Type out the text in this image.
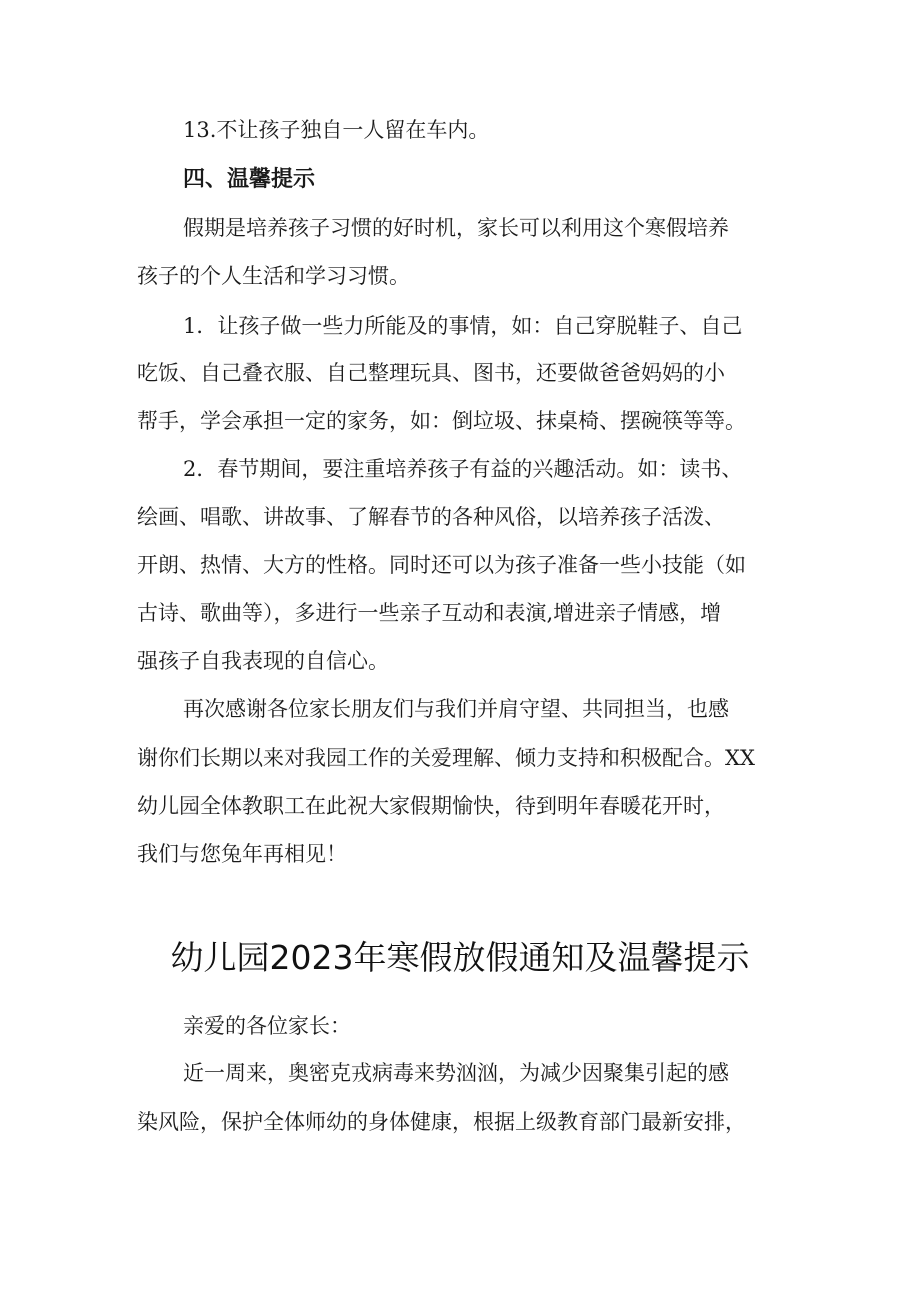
13.不让孩子独自一人留在车内。
四、温馨提示
假期是培养孩子习惯的好时机，家长可以利用这个寒假培养
孩子的个人生活和学习习惯。
1．让孩子做一些力所能及的事情，如：自己穿脱鞋子、自己
吃饭、自己叠衣服、自己整理玩具、图书，还要做爸爸妈妈的小
帮手，学会承担一定的家务，如：倒垃圾、抹桌椅、摆碗筷等等。
2．春节期间，要注重培养孩子有益的兴趣活动。如：读书、
绘画、唱歌、讲故事、了解春节的各种风俗，以培养孩子活泼、
开朗、热情、大方的性格。同时还可以为孩子准备一些小技能（如
古诗、歌曲等），多进行一些亲子互动和表演,增进亲子情感，增
强孩子自我表现的自信心。
再次感谢各位家长朋友们与我们并肩守望、共同担当，也感
谢你们长期以来对我园工作的关爱理解、倾力支持和积极配合。XX
幼儿园全体教职工在此祝大家假期愉快，待到明年春暖花开时，
我们与您兔年再相见！
幼儿园2023年寒假放假通知及温馨提示
亲爱的各位家长：
近一周来，奥密克戎病毒来势汹汹，为减少因聚集引起的感
染风险，保护全体师幼的身体健康，根据上级教育部门最新安排，
